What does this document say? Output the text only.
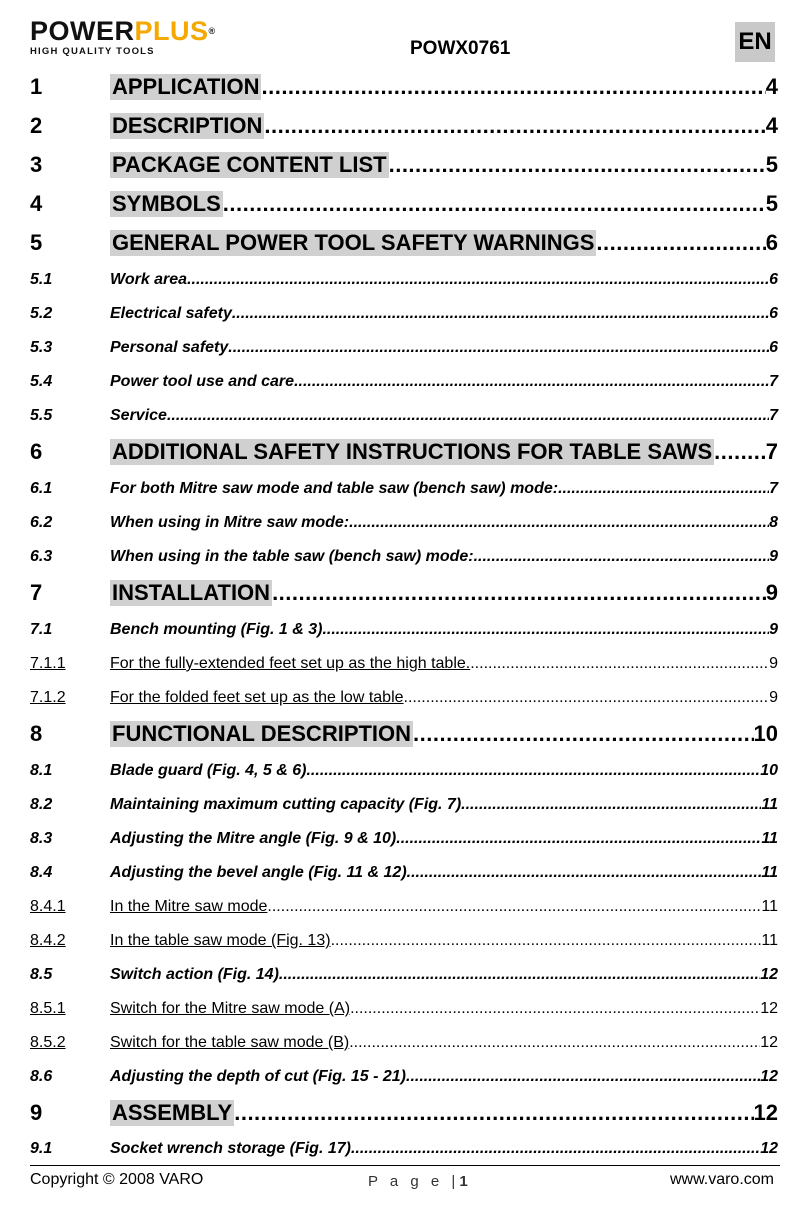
POWERPLUS®
HIGH QUALITY TOOLS	POWX0761	EN
1	APPLICATION .....	4
2	DESCRIPTION .....	4
3	PACKAGE CONTENT LIST .....	5
4	SYMBOLS .....	5
5	GENERAL POWER TOOL SAFETY WARNINGS .....	6
5.1	Work area .....	6
5.2	Electrical safety .....	6
5.3	Personal safety .....	6
5.4	Power tool use and care .....	7
5.5	Service .....	7
6	ADDITIONAL SAFETY INSTRUCTIONS FOR TABLE SAWS ..... 7
6.1	For both Mitre saw mode and table saw (bench saw) mode: .....	7
6.2	When using in Mitre saw mode: .....	8
6.3	When using in the table saw (bench saw) mode: .....	9
7	INSTALLATION .....	9
7.1	Bench mounting (Fig. 1 & 3) .....	9
7.1.1	For the fully-extended feet set up as the high table. .....	9
7.1.2	For the folded feet set up as the low table .....	9
8	FUNCTIONAL DESCRIPTION .....	10
8.1	Blade guard (Fig. 4, 5 & 6) .....	10
8.2	Maintaining maximum cutting capacity (Fig. 7) .....	11
8.3	Adjusting the Mitre angle (Fig. 9 & 10) .....	11
8.4	Adjusting the bevel angle (Fig. 11 & 12) .....	11
8.4.1	In the Mitre saw mode .....	11
8.4.2	In the table saw mode (Fig. 13) .....	11
8.5	Switch action (Fig. 14) .....	12
8.5.1	Switch for the Mitre saw mode (A) .....	12
8.5.2	Switch for the table saw mode (B) .....	12
8.6	Adjusting the depth of cut (Fig. 15 - 21) .....	12
9	ASSEMBLY .....	12
9.1	Socket wrench storage (Fig. 17) .....	12
Copyright © 2008 VARO	P a g e |1	www.varo.com
